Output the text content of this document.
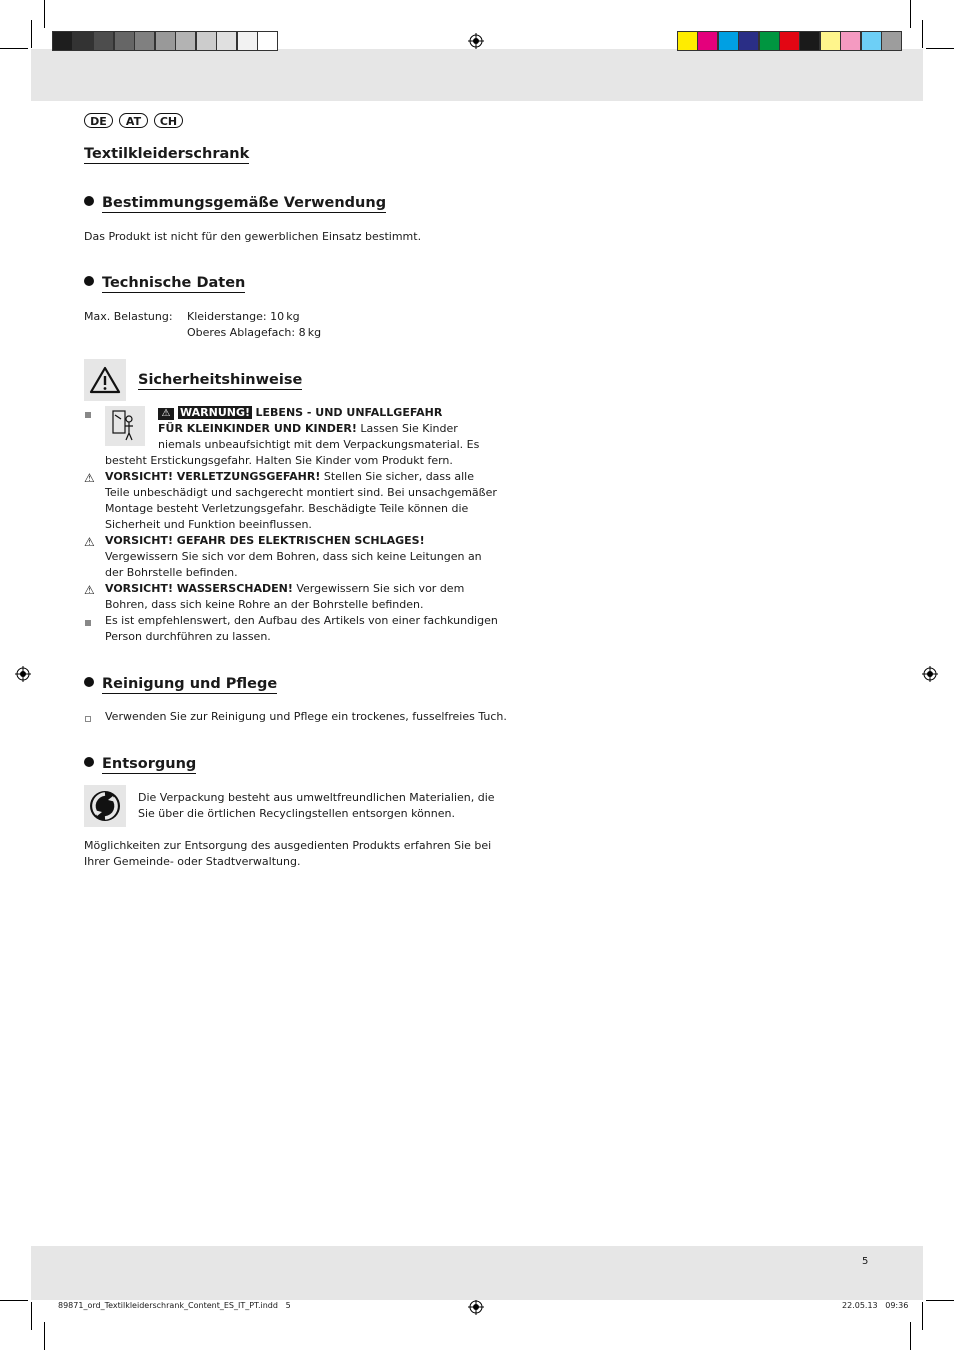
DE	AT	CH
Textilkleiderschrank
Bestimmungsgemäße Verwendung
Das Produkt ist nicht für den gewerblichen Einsatz bestimmt.
Technische Daten
Max. Belastung: Kleiderstange: 10 kg
Oberes Ablagefach: 8 kg
Sicherheitshinweise
⚠ WARNUNG! LEBENS - UND UNFALLGEFAHR
FÜR KLEINKINDER UND KINDER! Lassen Sie Kinder
niemals unbeaufsichtigt mit dem Verpackungsmaterial. Es
besteht Erstickungsgefahr. Halten Sie Kinder vom Produkt fern.
⚠ VORSICHT! VERLETZUNGSGEFAHR! Stellen Sie sicher, dass alle
Teile unbeschädigt und sachgerecht montiert sind. Bei unsachgemäßer
Montage besteht Verletzungsgefahr. Beschädigte Teile können die
Sicherheit und Funktion beeinflussen.
⚠ VORSICHT! GEFAHR DES ELEKTRISCHEN SCHLAGES!
Vergewissern Sie sich vor dem Bohren, dass sich keine Leitungen an
der Bohrstelle befinden.
⚠ VORSICHT! WASSERSCHADEN! Vergewissern Sie sich vor dem
Bohren, dass sich keine Rohre an der Bohrstelle befinden.
Es ist empfehlenswert, den Aufbau des Artikels von einer fachkundigen
Person durchführen zu lassen.
Reinigung und Pflege
Verwenden Sie zur Reinigung und Pflege ein trockenes, fusselfreies Tuch.
Entsorgung
Die Verpackung besteht aus umweltfreundlichen Materialien, die
Sie über die örtlichen Recyclingstellen entsorgen können.
Möglichkeiten zur Entsorgung des ausgedienten Produkts erfahren Sie bei
Ihrer Gemeinde- oder Stadtverwaltung.
5
89871_ord_Textilkleiderschrank_Content_ES_IT_PT.indd   5	22.05.13   09:36
